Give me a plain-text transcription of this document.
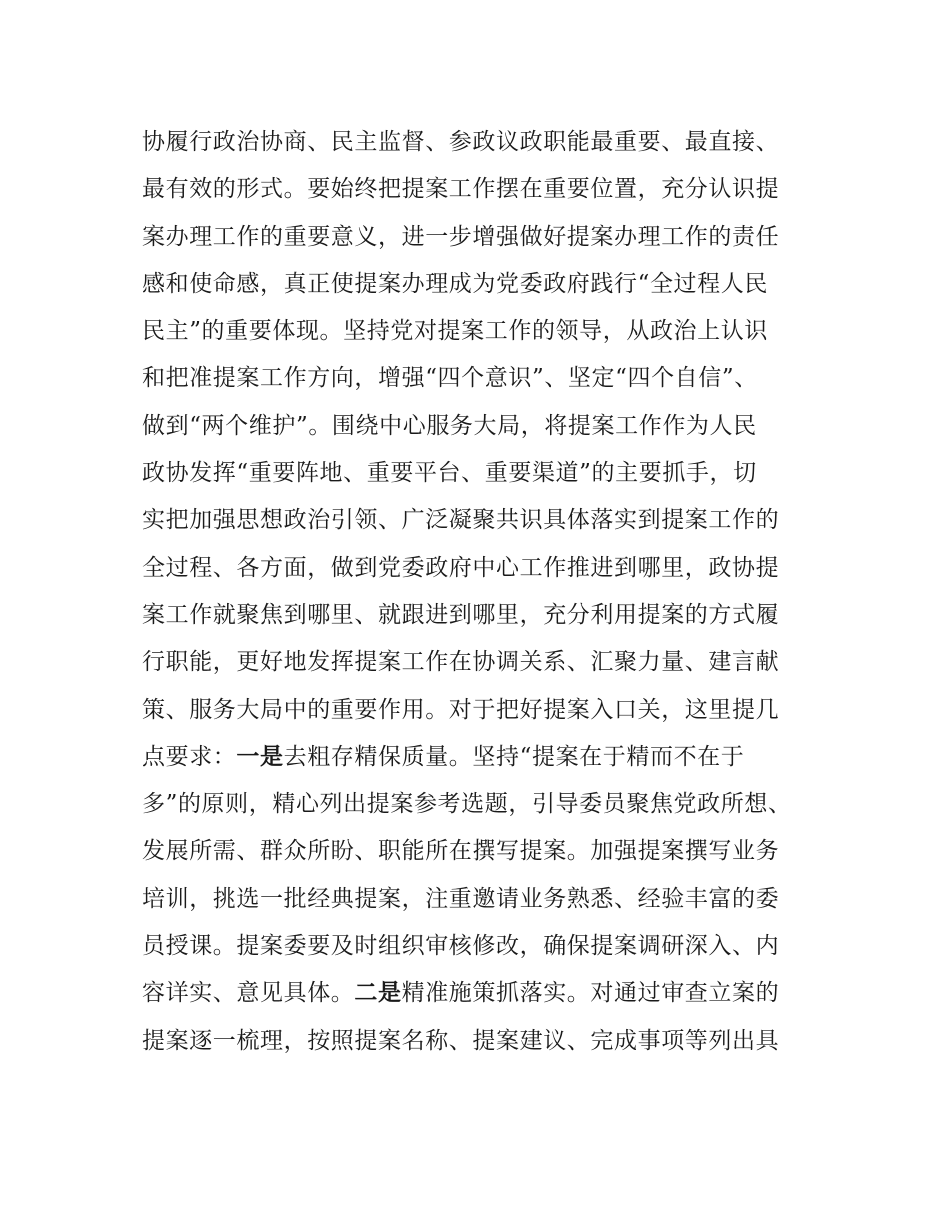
协履行政治协商、民主监督、参政议政职能最重要、最直接、
最有效的形式。要始终把提案工作摆在重要位置，充分认识提
案办理工作的重要意义，进一步增强做好提案办理工作的责任
感和使命感，真正使提案办理成为党委政府践行“全过程人民
民主”的重要体现。坚持党对提案工作的领导，从政治上认识
和把准提案工作方向，增强“四个意识”、坚定“四个自信”、
做到“两个维护”。围绕中心服务大局，将提案工作作为人民
政协发挥“重要阵地、重要平台、重要渠道”的主要抓手，切
实把加强思想政治引领、广泛凝聚共识具体落实到提案工作的
全过程、各方面，做到党委政府中心工作推进到哪里，政协提
案工作就聚焦到哪里、就跟进到哪里，充分利用提案的方式履
行职能，更好地发挥提案工作在协调关系、汇聚力量、建言献
策、服务大局中的重要作用。对于把好提案入口关，这里提几
点要求：一是去粗存精保质量。坚持“提案在于精而不在于
多”的原则，精心列出提案参考选题，引导委员聚焦党政所想、
发展所需、群众所盼、职能所在撰写提案。加强提案撰写业务
培训，挑选一批经典提案，注重邀请业务熟悉、经验丰富的委
员授课。提案委要及时组织审核修改，确保提案调研深入、内
容详实、意见具体。二是精准施策抓落实。对通过审查立案的
提案逐一梳理，按照提案名称、提案建议、完成事项等列出具
